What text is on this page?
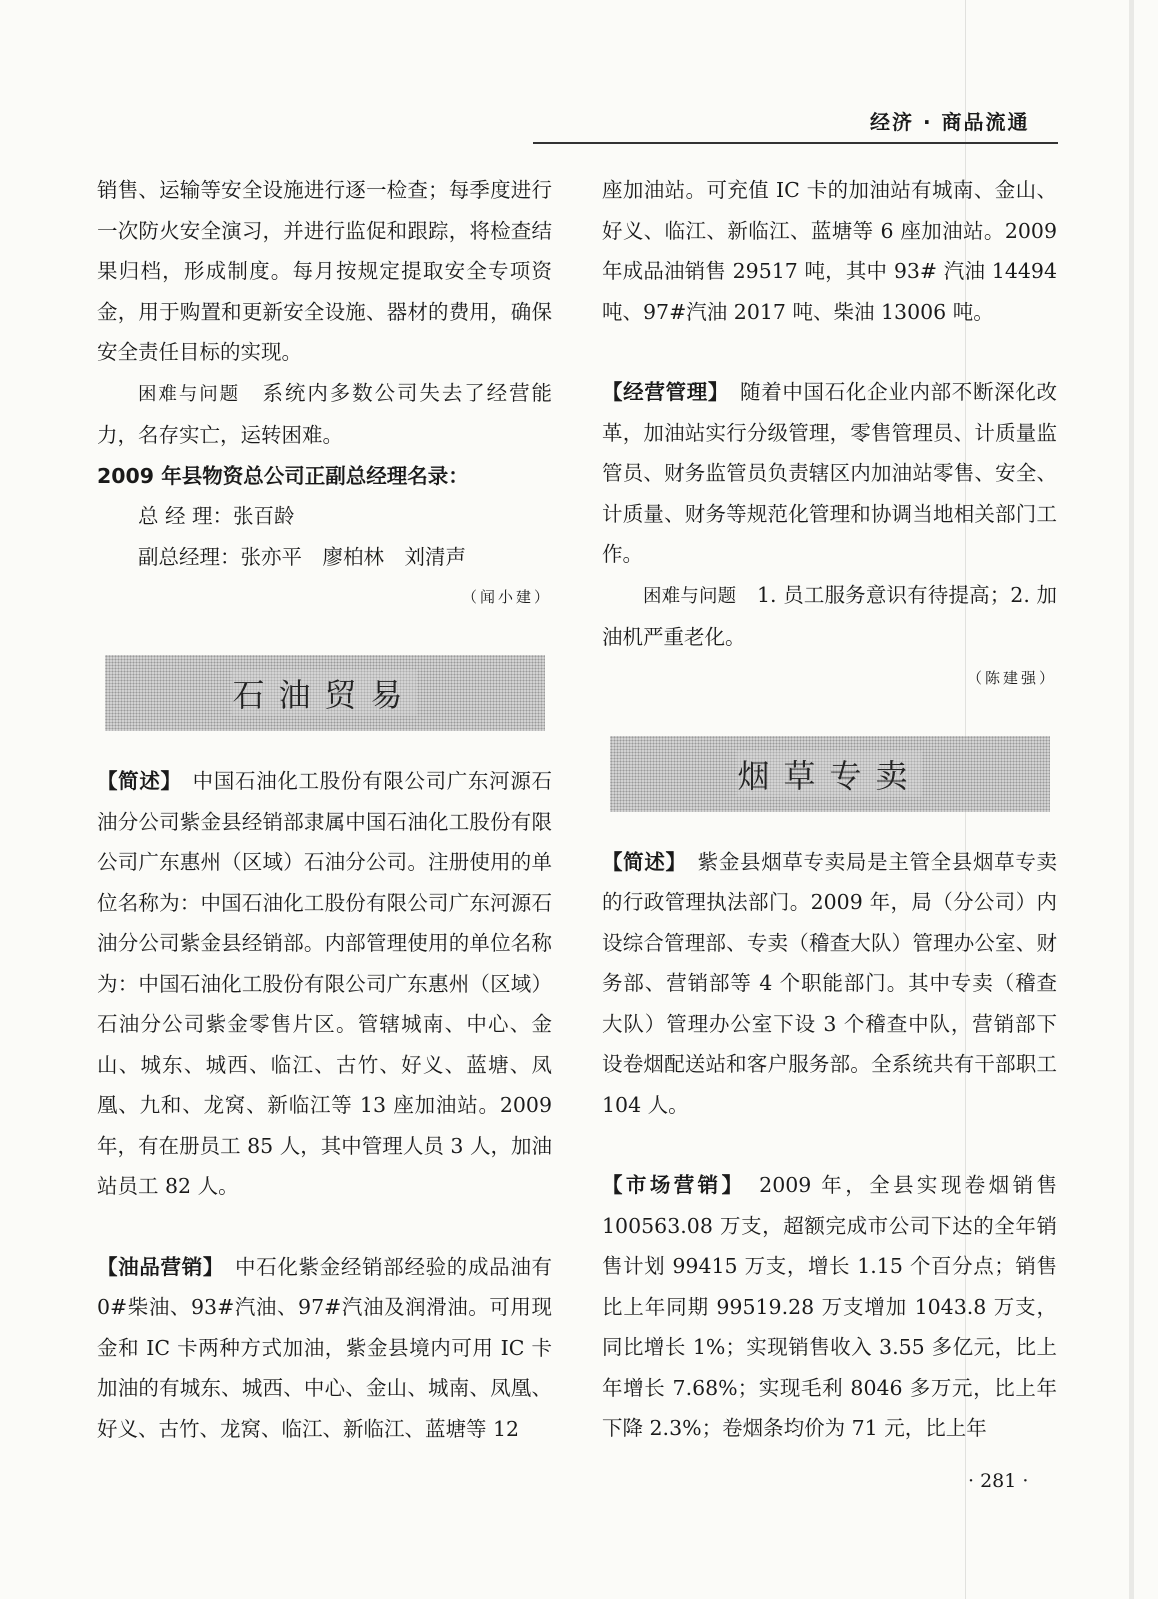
经济 · 商品流通

销售、运输等安全设施进行逐一检查；每季度进行一次防火安全演习，并进行监促和跟踪，将检查结果归档，形成制度。每月按规定提取安全专项资金，用于购置和更新安全设施、器材的费用，确保安全责任目标的实现。

困难与问题　 系统内多数公司失去了经营能力，名存实亡，运转困难。

2009 年县物资总公司正副总经理名录：

总 经 理：张百龄

副总经理：张亦平　廖柏林　刘清声

（闻小建）
石油贸易

【简述】　 中国石油化工股份有限公司广东河源石油分公司紫金县经销部隶属中国石油化工股份有限公司广东惠州（区域）石油分公司。注册使用的单位名称为：中国石油化工股份有限公司广东河源石油分公司紫金县经销部。内部管理使用的单位名称为：中国石油化工股份有限公司广东惠州（区域）石油分公司紫金零售片区。管辖城南、中心、金山、城东、城西、临江、古竹、好义、蓝塘、凤凰、九和、龙窝、新临江等 13 座加油站。2009 年，有在册员工 85 人，其中管理人员 3 人，加油站员工 82 人。

【油品营销】　 中石化紫金经销部经验的成品油有 0#柴油、93#汽油、97#汽油及润滑油。可用现金和 IC 卡两种方式加油，紫金县境内可用 IC 卡加油的有城东、城西、中心、金山、城南、凤凰、好义、古竹、龙窝、临江、新临江、蓝塘等 12

座加油站。可充值 IC 卡的加油站有城南、金山、好义、临江、新临江、蓝塘等 6 座加油站。2009 年成品油销售 29517 吨，其中 93# 汽油 14494 吨、97#汽油 2017 吨、柴油 13006 吨。

【经营管理】　 随着中国石化企业内部不断深化改革，加油站实行分级管理，零售管理员、计质量监管员、财务监管员负责辖区内加油站零售、安全、计质量、财务等规范化管理和协调当地相关部门工作。

困难与问题　 1. 员工服务意识有待提高；2. 加油机严重老化。

（陈建强）
烟草专卖

【简述】　 紫金县烟草专卖局是主管全县烟草专卖的行政管理执法部门。2009 年，局（分公司）内设综合管理部、专卖（稽查大队）管理办公室、财务部、营销部等 4 个职能部门。其中专卖（稽查大队）管理办公室下设 3 个稽查中队，营销部下设卷烟配送站和客户服务部。全系统共有干部职工 104 人。

【市场营销】　 2009 年，全县实现卷烟销售 100563.08 万支，超额完成市公司下达的全年销售计划 99415 万支，增长 1.15 个百分点；销售比上年同期 99519.28 万支增加 1043.8 万支，同比增长 1%；实现销售收入 3.55 多亿元，比上年增长 7.68%；实现毛利 8046 多万元，比上年下降 2.3%；卷烟条均价为 71 元，比上年

· 281 ·
